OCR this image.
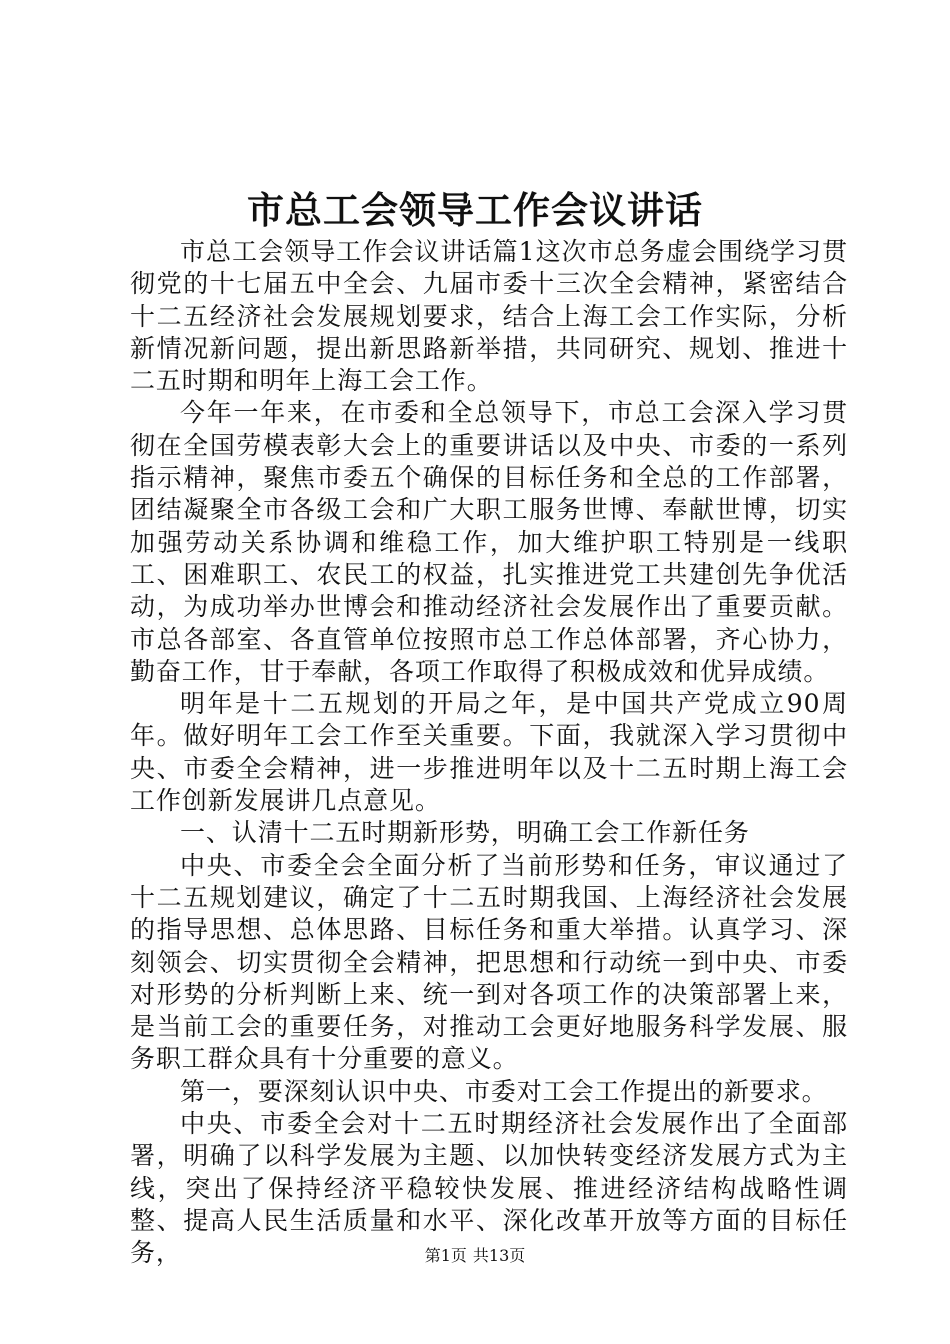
市总工会领导工作会议讲话

市总工会领导工作会议讲话篇1这次市总务虚会围绕学习贯彻党的十七届五中全会、九届市委十三次全会精神，紧密结合十二五经济社会发展规划要求，结合上海工会工作实际，分析新情况新问题，提出新思路新举措，共同研究、规划、推进十二五时期和明年上海工会工作。

今年一年来，在市委和全总领导下，市总工会深入学习贯彻在全国劳模表彰大会上的重要讲话以及中央、市委的一系列指示精神，聚焦市委五个确保的目标任务和全总的工作部署，团结凝聚全市各级工会和广大职工服务世博、奉献世博，切实加强劳动关系协调和维稳工作，加大维护职工特别是一线职工、困难职工、农民工的权益，扎实推进党工共建创先争优活动，为成功举办世博会和推动经济社会发展作出了重要贡献。市总各部室、各直管单位按照市总工作总体部署，齐心协力，勤奋工作，甘于奉献，各项工作取得了积极成效和优异成绩。

明年是十二五规划的开局之年，是中国共产党成立90周年。做好明年工会工作至关重要。下面，我就深入学习贯彻中央、市委全会精神，进一步推进明年以及十二五时期上海工会工作创新发展讲几点意见。

一、认清十二五时期新形势，明确工会工作新任务

中央、市委全会全面分析了当前形势和任务，审议通过了十二五规划建议，确定了十二五时期我国、上海经济社会发展的指导思想、总体思路、目标任务和重大举措。认真学习、深刻领会、切实贯彻全会精神，把思想和行动统一到中央、市委对形势的分析判断上来、统一到对各项工作的决策部署上来，是当前工会的重要任务，对推动工会更好地服务科学发展、服务职工群众具有十分重要的意义。

第一，要深刻认识中央、市委对工会工作提出的新要求。

中央、市委全会对十二五时期经济社会发展作出了全面部署，明确了以科学发展为主题、以加快转变经济发展方式为主线，突出了保持经济平稳较快发展、推进经济结构战略性调整、提高人民生活质量和水平、深化改革开放等方面的目标任务，	第1页 共13页
